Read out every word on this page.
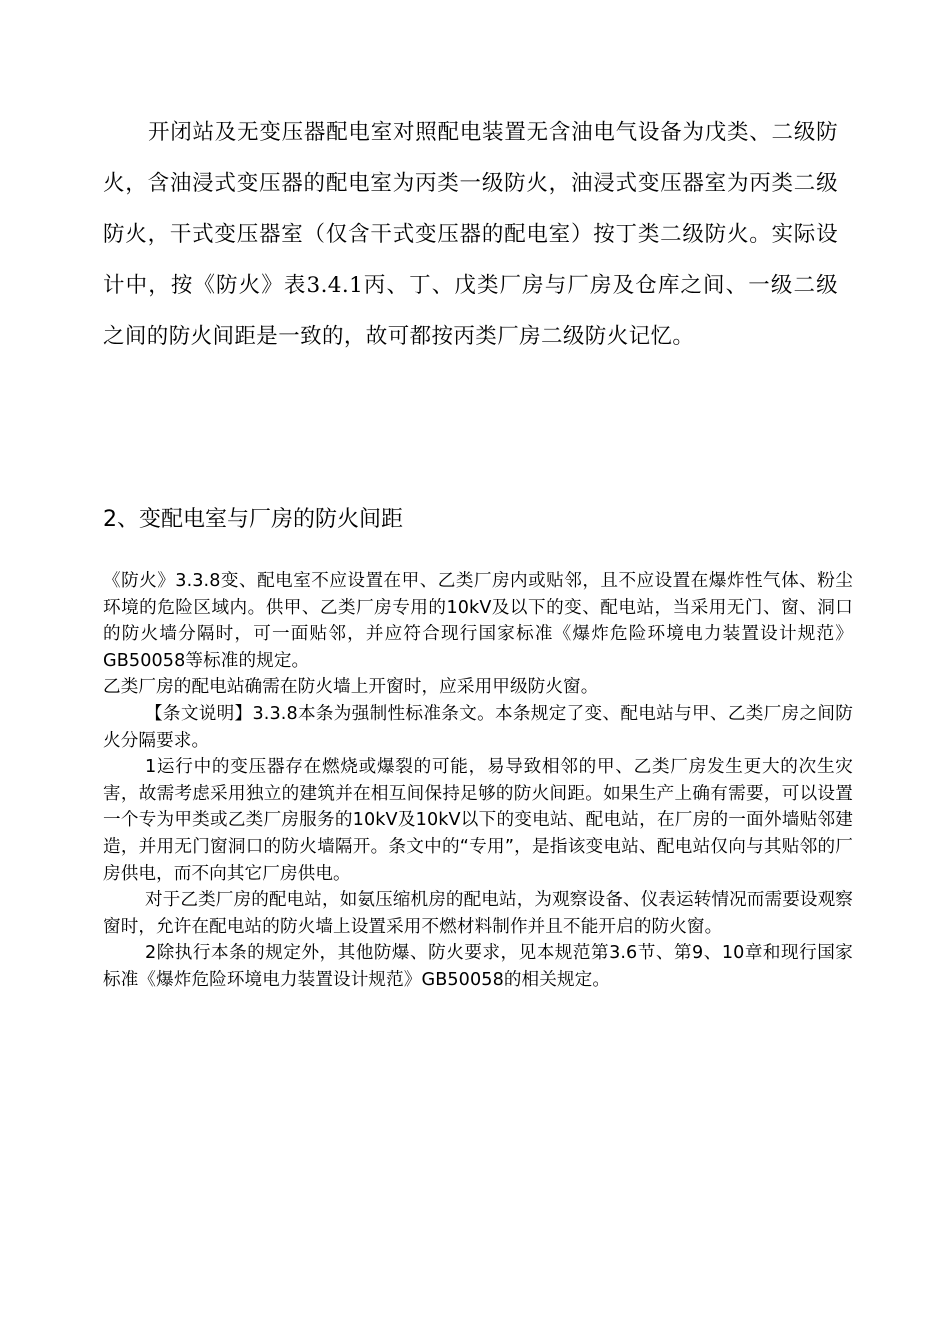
开闭站及无变压器配电室对照配电装置无含油电气设备为戊类、二级防火，含油浸式变压器的配电室为丙类一级防火，油浸式变压器室为丙类二级防火，干式变压器室（仅含干式变压器的配电室）按丁类二级防火。实际设计中，按《防火》表3.4.1丙、丁、戊类厂房与厂房及仓库之间、一级二级之间的防火间距是一致的，故可都按丙类厂房二级防火记忆。

2、变配电室与厂房的防火间距

《防火》3.3.8变、配电室不应设置在甲、乙类厂房内或贴邻，且不应设置在爆炸性气体、粉尘环境的危险区域内。供甲、乙类厂房专用的10kV及以下的变、配电站，当采用无门、窗、洞口的防火墙分隔时，可一面贴邻，并应符合现行国家标准《爆炸危险环境电力装置设计规范》GB50058等标准的规定。

乙类厂房的配电站确需在防火墙上开窗时，应采用甲级防火窗。

【条文说明】3.3.8本条为强制性标准条文。本条规定了变、配电站与甲、乙类厂房之间防火分隔要求。

1运行中的变压器存在燃烧或爆裂的可能，易导致相邻的甲、乙类厂房发生更大的次生灾害，故需考虑采用独立的建筑并在相互间保持足够的防火间距。如果生产上确有需要，可以设置一个专为甲类或乙类厂房服务的10kV及10kV以下的变电站、配电站，在厂房的一面外墙贴邻建造，并用无门窗洞口的防火墙隔开。条文中的“专用”，是指该变电站、配电站仅向与其贴邻的厂房供电，而不向其它厂房供电。

对于乙类厂房的配电站，如氨压缩机房的配电站，为观察设备、仪表运转情况而需要设观察窗时，允许在配电站的防火墙上设置采用不燃材料制作并且不能开启的防火窗。

2除执行本条的规定外，其他防爆、防火要求，见本规范第3.6节、第9、10章和现行国家标准《爆炸危险环境电力装置设计规范》GB50058的相关规定。
